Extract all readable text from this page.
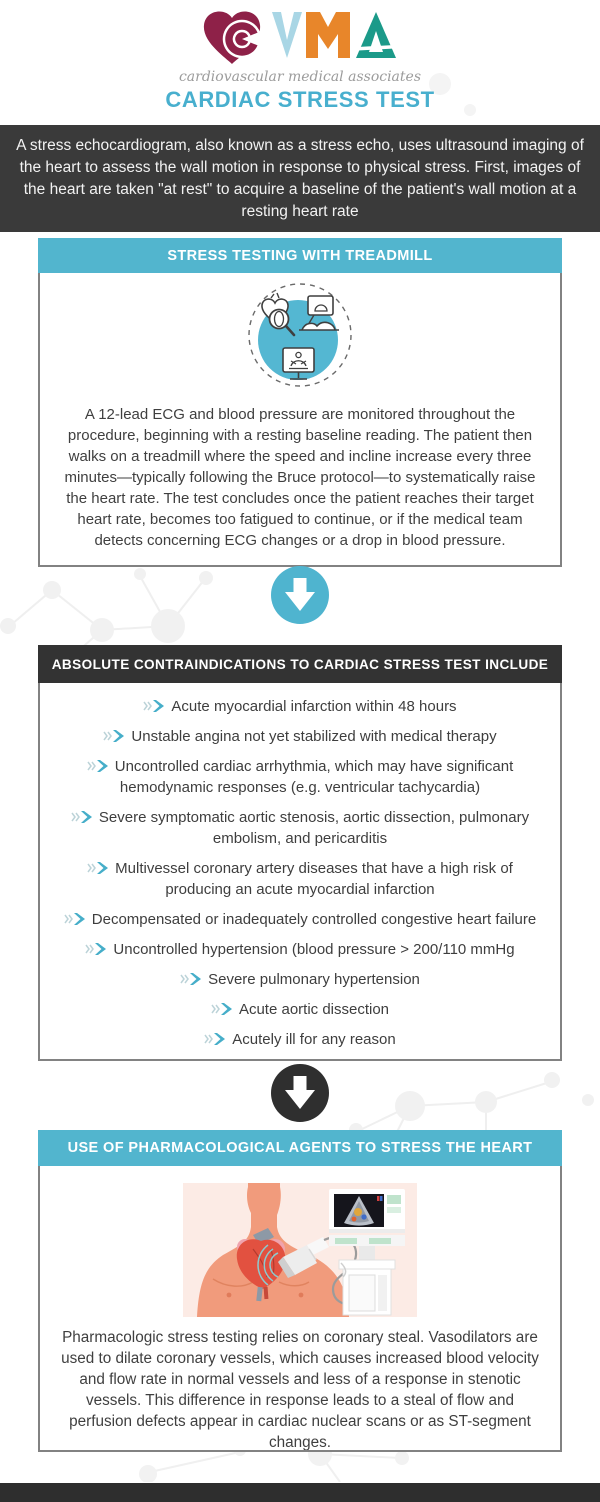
cardiovascular medical associates
CARDIAC STRESS TEST
A stress echocardiogram, also known as a stress echo, uses ultrasound imaging of the heart to assess the wall motion in response to physical stress. First, images of the heart are taken "at rest" to acquire a baseline of the patient's wall motion at a resting heart rate
STRESS TESTING WITH TREADMILL

A 12-lead ECG and blood pressure are monitored throughout the procedure, beginning with a resting baseline reading. The patient then walks on a treadmill where the speed and incline increase every three minutes—typically following the Bruce protocol—to systematically raise the heart rate. The test concludes once the patient reaches their target heart rate, becomes too fatigued to continue, or if the medical team detects concerning ECG changes or a drop in blood pressure.

ABSOLUTE CONTRAINDICATIONS TO CARDIAC STRESS TEST INCLUDE
Acute myocardial infarction within 48 hours
Unstable angina not yet stabilized with medical therapy
Uncontrolled cardiac arrhythmia, which may have significant hemodynamic responses (e.g. ventricular tachycardia)
Severe symptomatic aortic stenosis, aortic dissection, pulmonary embolism, and pericarditis
Multivessel coronary artery diseases that have a high risk of producing an acute myocardial infarction
Decompensated or inadequately controlled congestive heart failure
Uncontrolled hypertension (blood pressure > 200/110 mmHg
Severe pulmonary hypertension
Acute aortic dissection
Acutely ill for any reason
USE OF PHARMACOLOGICAL AGENTS TO STRESS THE HEART

Pharmacologic stress testing relies on coronary steal. Vasodilators are used to dilate coronary vessels, which causes increased blood velocity and flow rate in normal vessels and less of a response in stenotic vessels. This difference in response leads to a steal of flow and perfusion defects appear in cardiac nuclear scans or as ST-segment changes.
